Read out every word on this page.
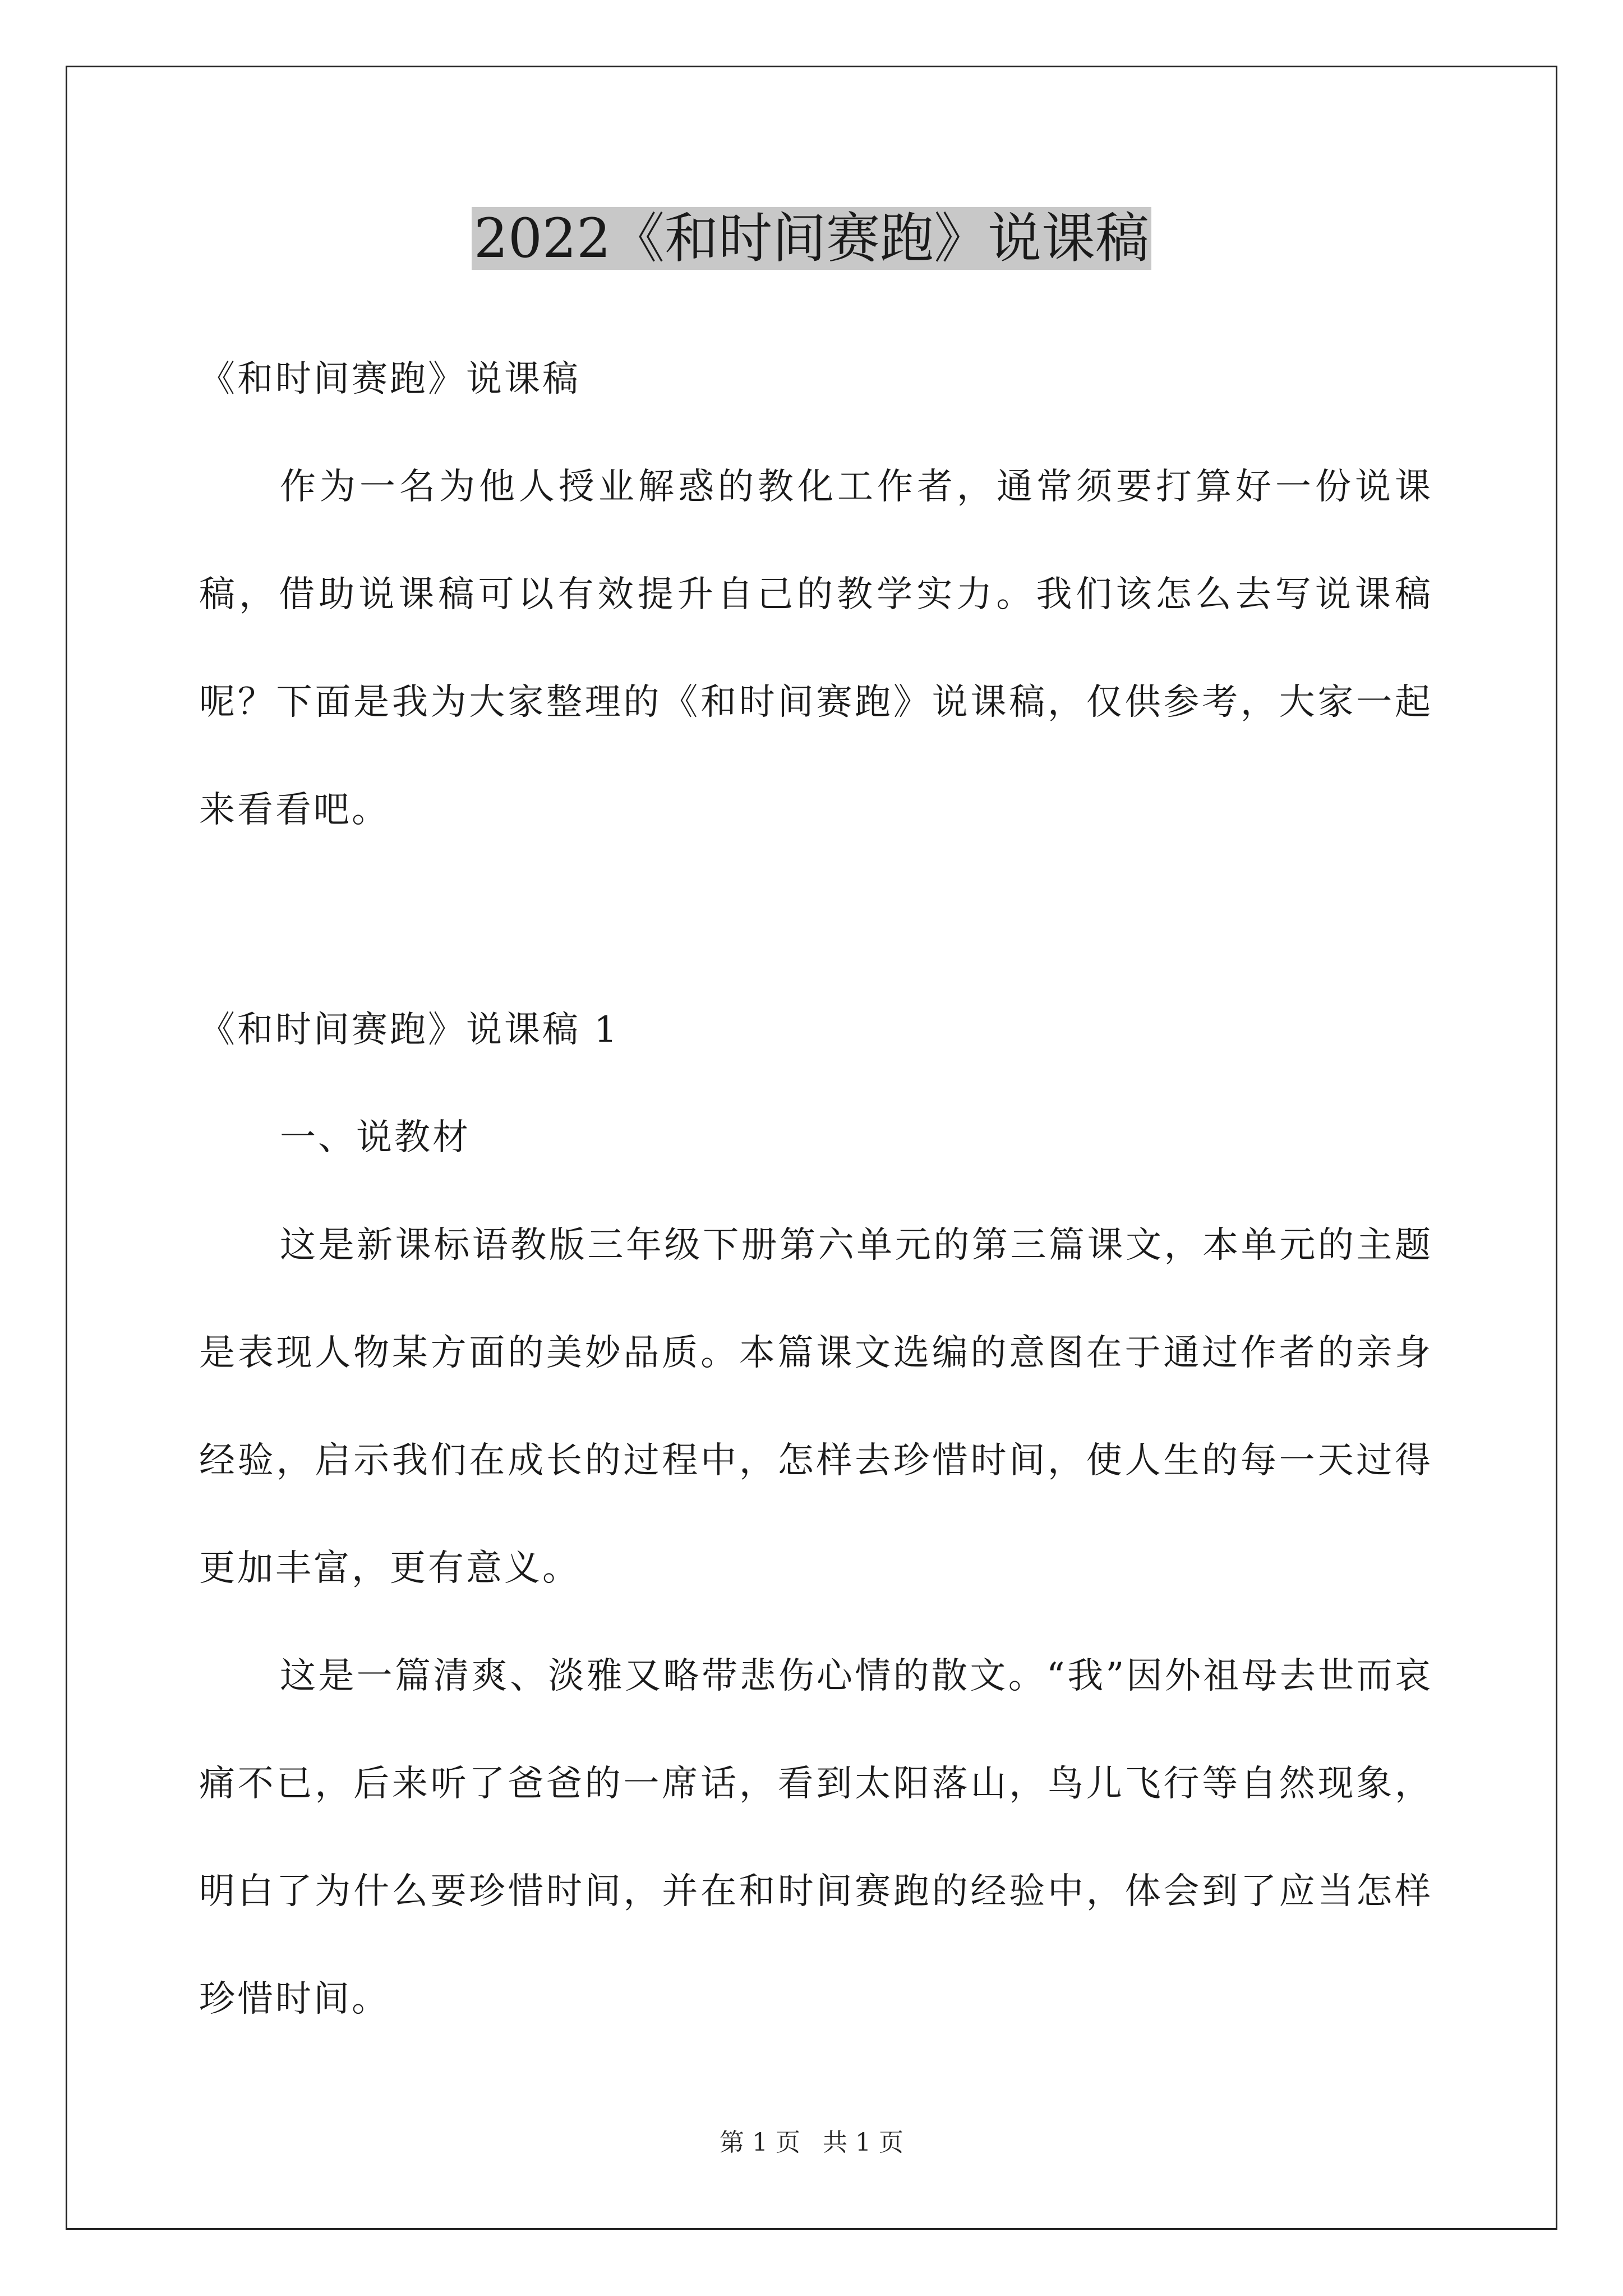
2022《和时间赛跑》说课稿

《和时间赛跑》说课稿

作为一名为他人授业解惑的教化工作者，通常须要打算好一份说课稿，借助说课稿可以有效提升自己的教学实力。我们该怎么去写说课稿呢？下面是我为大家整理的《和时间赛跑》说课稿，仅供参考，大家一起来看看吧。

《和时间赛跑》说课稿 1

一、说教材

这是新课标语教版三年级下册第六单元的第三篇课文，本单元的主题是表现人物某方面的美妙品质。本篇课文选编的意图在于通过作者的亲身经验，启示我们在成长的过程中，怎样去珍惜时间，使人生的每一天过得更加丰富，更有意义。

这是一篇清爽、淡雅又略带悲伤心情的散文。“我”因外祖母去世而哀痛不已，后来听了爸爸的一席话，看到太阳落山，鸟儿飞行等自然现象，明白了为什么要珍惜时间，并在和时间赛跑的经验中，体会到了应当怎样珍惜时间。

第 1 页 共 1 页
